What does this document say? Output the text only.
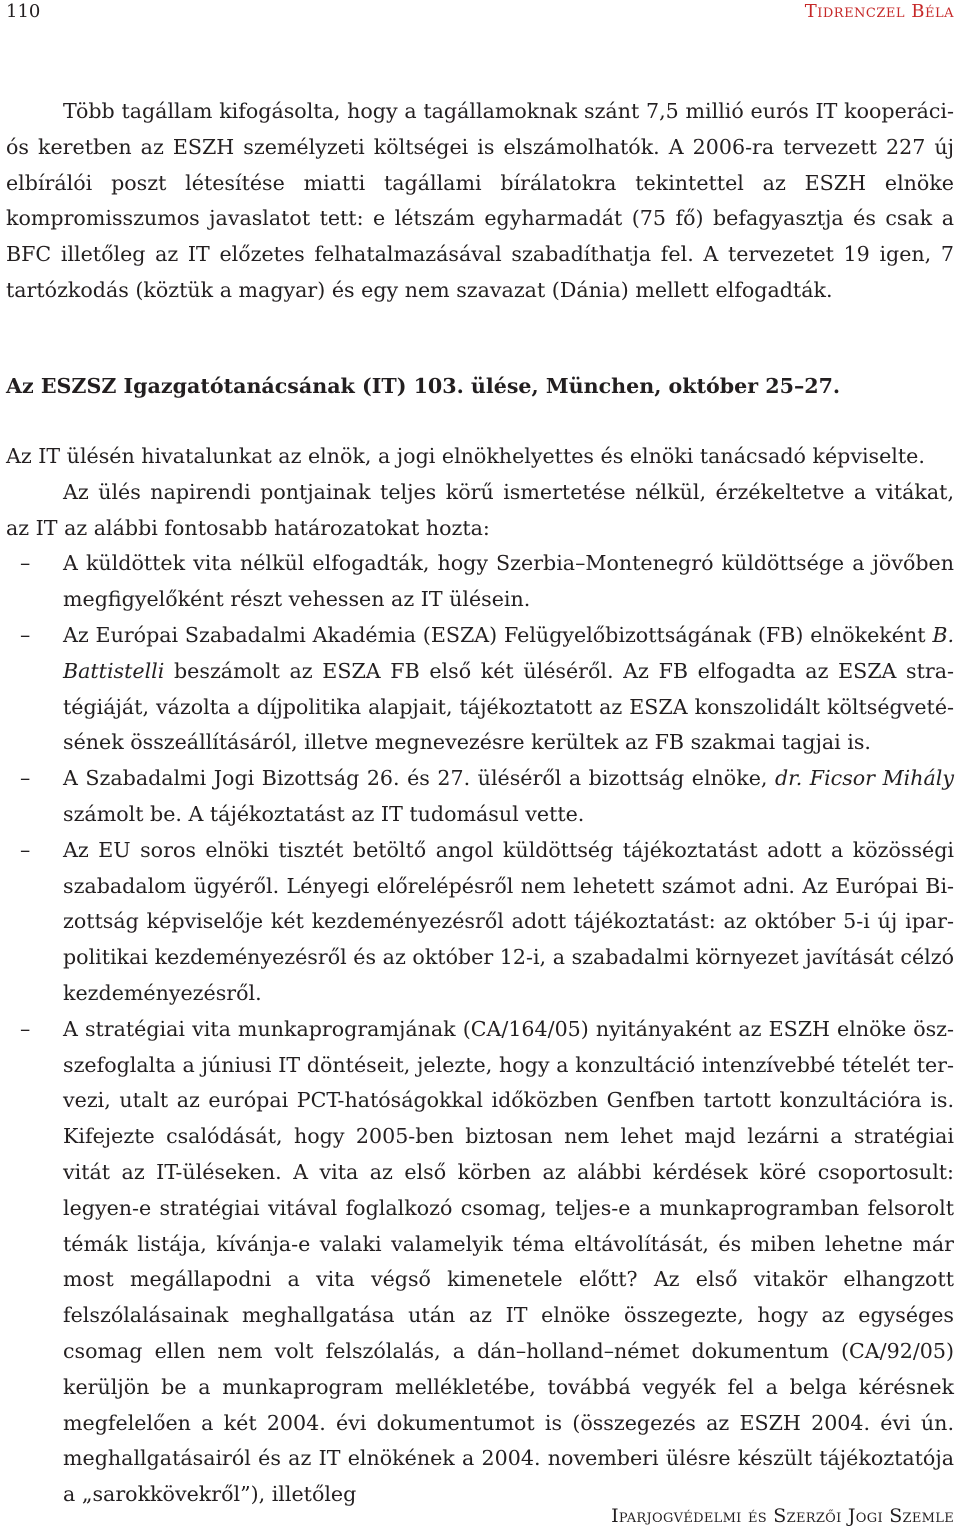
110	Tidrenczel Béla

Több tagállam kifogásolta, hogy a tagállamoknak szánt 7,5 millió eurós IT kooperációs keretben az ESZH személyzeti költségei is elszámolhatók. A 2006-ra tervezett 227 új elbírálói poszt létesítése miatti tagállami bírálatokra tekintettel az ESZH elnöke kompromisszumos javaslatot tett: e létszám egyharmadát (75 fő) befagyasztja és csak a BFC illetőleg az IT előzetes felhatalmazásával szabadíthatja fel. A tervezetet 19 igen, 7 tartózkodás (köztük a magyar) és egy nem szavazat (Dánia) mellett elfogadták.

Az ESZSZ Igazgatótanácsának (IT) 103. ülése, München, október 25–27.

Az IT ülésén hivatalunkat az elnök, a jogi elnökhelyettes és elnöki tanácsadó képviselte.

Az ülés napirendi pontjainak teljes körű ismertetése nélkül, érzékeltetve a vitákat, az IT az alábbi fontosabb határozatokat hozta:

– A küldöttek vita nélkül elfogadták, hogy Szerbia–Montenegró küldöttsége a jövőben megfigyelőként részt vehessen az IT ülésein.
– Az Európai Szabadalmi Akadémia (ESZA) Felügyelőbizottságának (FB) elnökeként B. Battistelli beszámolt az ESZA FB első két üléséről. Az FB elfogadta az ESZA stratégiáját, vázolta a díjpolitika alapjait, tájékoztatott az ESZA konszolidált költségvetésének összeállításáról, illetve megnevezésre kerültek az FB szakmai tagjai is.
– A Szabadalmi Jogi Bizottság 26. és 27. üléséről a bizottság elnöke, dr. Ficsor Mihály számolt be. A tájékoztatást az IT tudomásul vette.
– Az EU soros elnöki tisztét betöltő angol küldöttség tájékoztatást adott a közösségi szabadalom ügyéről. Lényegi előrelépésről nem lehetett számot adni. Az Európai Bizottság képviselője két kezdeményezésről adott tájékoztatást: az október 5-i új iparpolitikai kezdeményezésről és az október 12-i, a szabadalmi környezet javítását célzó kezdeményezésről.
– A stratégiai vita munkaprogramjának (CA/164/05) nyitányaként az ESZH elnöke öszszefoglalta a júniusi IT döntéseit, jelezte, hogy a konzultáció intenzívebbé tételét tervezi, utalt az európai PCT-hatóságokkal időközben Genfben tartott konzultációra is. Kifejezte csalódását, hogy 2005-ben biztosan nem lehet majd lezárni a stratégiai vitát az IT-üléseken. A vita az első körben az alábbi kérdések köré csoportosult: legyen-e stratégiai vitával foglalkozó csomag, teljes-e a munkaprogramban felsorolt témák listája, kívánja-e valaki valamelyik téma eltávolítását, és miben lehetne már most megállapodni a vita végső kimenetele előtt? Az első vitakör elhangzott felszólalásainak meghallgatása után az IT elnöke összegezte, hogy az egységes csomag ellen nem volt felszólalás, a dán–holland–német dokumentum (CA/92/05) kerüljön be a munkaprogram mellékletébe, továbbá vegyék fel a belga kérésnek megfelelően a két 2004. évi dokumentumot is (összegezés az ESZH 2004. évi ún. meghallgatásairól és az IT elnökének a 2004. novemberi ülésre készült tájékoztatója a „sarokkövekről”), illetőleg
Iparjogvédelmi és Szerzői Jogi Szemle
